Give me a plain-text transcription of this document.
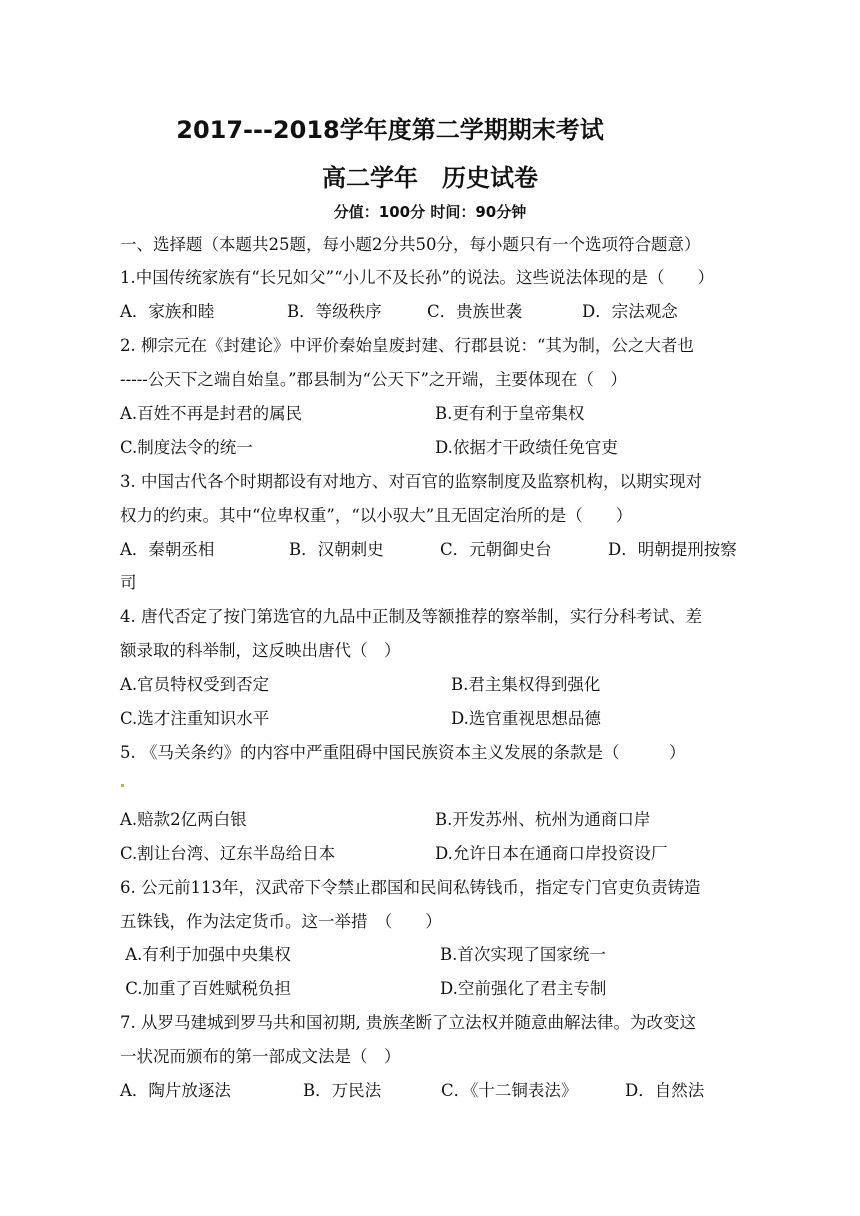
2017---2018学年度第二学期期末考试
高二学年　历史试卷
分值：100分 时间：90分钟
一、选择题（本题共25题，每小题2分共50分，每小题只有一个选项符合题意）
1.中国传统家族有“长兄如父”“小儿不及长孙”的说法。这些说法体现的是（　　）
A．家族和睦	B．等级秩序	C．贵族世袭	D．宗法观念
2. 柳宗元在《封建论》中评价秦始皇废封建、行郡县说：“其为制，公之大者也
-----公天下之端自始皇。”郡县制为“公天下”之开端，主要体现在（　）
A.百姓不再是封君的属民	B.更有利于皇帝集权
C.制度法令的统一	D.依据才干政绩任免官吏
3. 中国古代各个时期都设有对地方、对百官的监察制度及监察机构，以期实现对
权力的约束。其中“位卑权重”，“以小驭大”且无固定治所的是（　　）
A．秦朝丞相	B．汉朝刺史	C．元朝御史台	D．明朝提刑按察
司
4. 唐代否定了按门第选官的九品中正制及等额推荐的察举制，实行分科考试、差
额录取的科举制，这反映出唐代（　）
A.官员特权受到否定	B.君主集权得到强化
C.选才注重知识水平	D.选官重视思想品德
5. 《马关条约》的内容中严重阻碍中国民族资本主义发展的条款是（　　　）
A.赔款2亿两白银	B.开发苏州、杭州为通商口岸
C.割让台湾、辽东半岛给日本	D.允许日本在通商口岸投资设厂
6. 公元前113年，汉武帝下令禁止郡国和民间私铸钱币，指定专门官吏负责铸造
五铢钱，作为法定货币。这一举措　（　　）
A.有利于加强中央集权	B.首次实现了国家统一
C.加重了百姓赋税负担	D.空前强化了君主专制
7. 从罗马建城到罗马共和国初期, 贵族垄断了立法权并随意曲解法律。为改变这
一状况而颁布的第一部成文法是（　）
A．陶片放逐法	B．万民法	C．《十二铜表法》	D．自然法
